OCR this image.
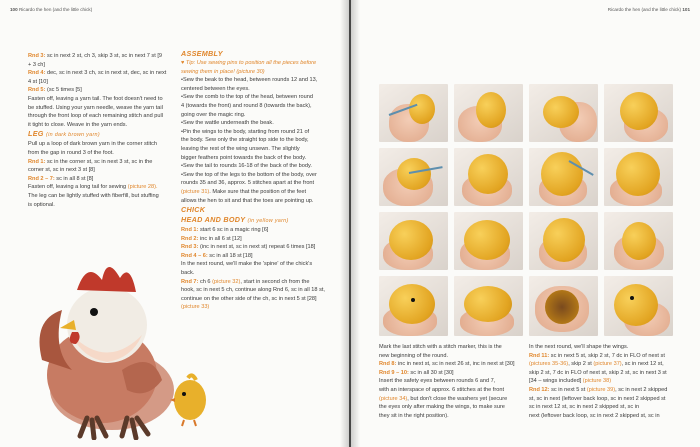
100 Ricardo the hen (and the little chick)
Rnd 3: sc in next 2 st, ch 3, skip 3 st, sc in next 7 st [9
+ 3 ch]
Rnd 4: dec, sc in next 3 ch, sc in next st, dec, sc in next
4 st [10]
Rnd 5: (sc 5 times [5]
Fasten off, leaving a yarn tail. The foot doesn't need to
be stuffed. Using your yarn needle, weave the yarn tail
through the front loop of each remaining stitch and pull
it tight to close. Weave in the yarn ends.
LEG (in dark brown yarn)
Pull up a loop of dark brown yarn in the corner stitch
from the gap in round 3 of the foot.
Rnd 1: sc in the corner st, sc in next 3 st, sc in the
corner st, sc in next 3 st [8]
Rnd 2 – 7: sc in all 8 st [8]
Fasten off, leaving a long tail for sewing (picture 28).
The leg can be lightly stuffed with fiberfill, but stuffing
is optional.
ASSEMBLY
♥ Tip: Use sewing pins to position all the pieces before
sewing them in place! (picture 30)
• Sew the beak to the head, between rounds 12 and 13,
centered between the eyes.
• Sew the comb to the top of the head, between round
4 (towards the front) and round 8 (towards the back),
going over the magic ring.
• Sew the wattle underneath the beak.
• Pin the wings to the body, starting from round 21 of
the body. Sew only the straight top side to the body,
leaving the rest of the wing unsewn. The slightly
bigger feathers point towards the back of the body.
• Sew the tail to rounds 16-18 of the back of the body.
• Sew the top of the legs to the bottom of the body, over
rounds 35 and 36, approx. 5 stitches apart at the front
(picture 31). Make sure that the position of the feet
allows the hen to sit and that the toes are pointing up.
CHICK
HEAD AND BODY (in yellow yarn)
Rnd 1: start 6 sc in a magic ring [6]
Rnd 2: inc in all 6 st [12]
Rnd 3: (inc in next st, sc in next st) repeat 6 times [18]
Rnd 4 – 6: sc in all 18 st [18]
In the next round, we'll make the 'spine' of the chick's
back.
Rnd 7: ch 6 (picture 32), start in second ch from the
hook, sc in next 5 ch, continue along Rnd 6, sc in all 18 st,
continue on the other side of the ch, sc in next 5 st [28]
(picture 33)
Ricardo the hen (and the little chick) 101
Mark the last stitch with a stitch marker, this is the
new beginning of the round.
Rnd 8: inc in next st, sc in next 26 st, inc in next st [30]
Rnd 9 – 10: sc in all 30 st [30]
Insert the safety eyes between rounds 6 and 7,
with an interspace of approx. 6 stitches at the front
(picture 34), but don't close the washers yet (secure
the eyes only after making the wings, to make sure
they sit in the right position).
In the next round, we'll shape the wings.
Rnd 11: sc in next 5 st, skip 2 st, 7 dc in FLO of next st
(pictures 35-36), skip 2 st (picture 37), sc in next 12 st,
skip 2 st, 7 dc in FLO of next st, skip 2 st, sc in next 3 st
[34 – wings included] (picture 38)
Rnd 12: sc in next 5 st (picture 39), sc in next 2 skipped
st, sc in next (leftover back loop, sc in next 2 skipped st
sc in next 12 st, sc in next 2 skipped st, sc in
next (leftover back loop, sc in next 2 skipped st, sc in
